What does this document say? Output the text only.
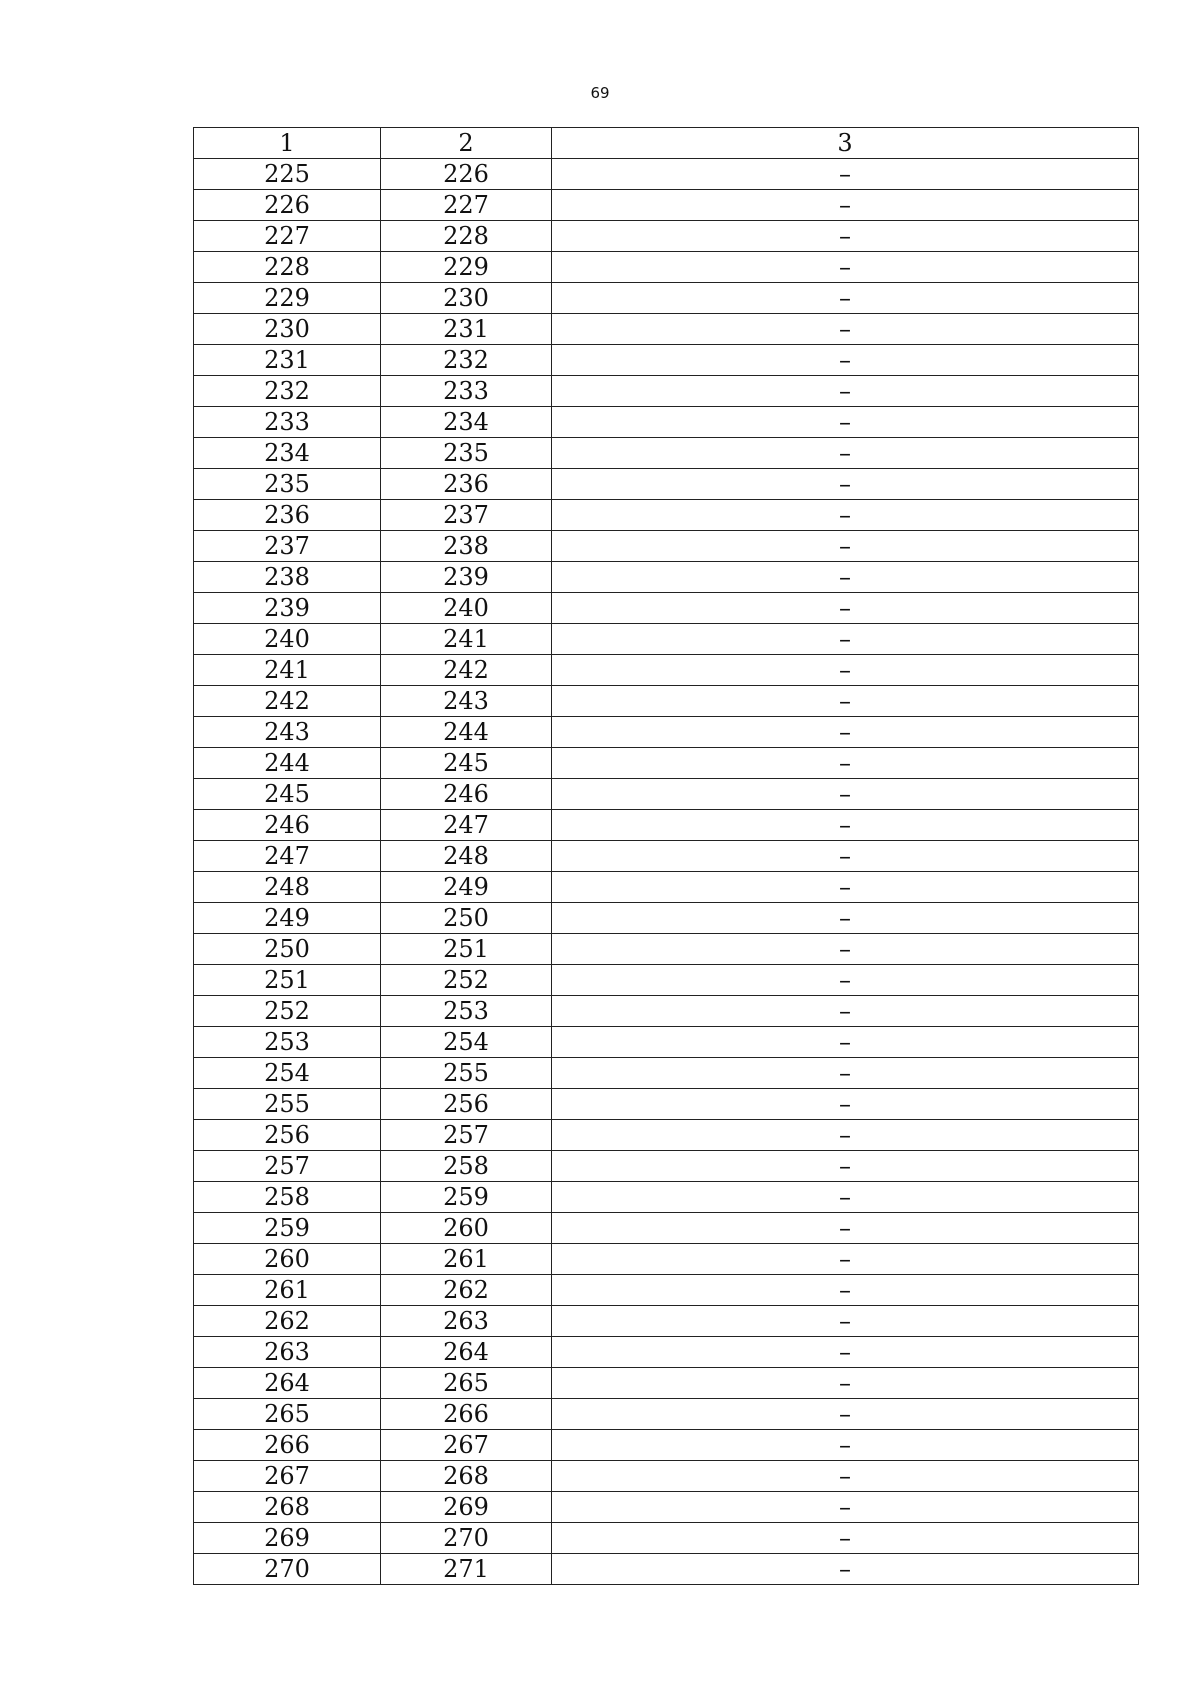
69
1	2	3
225	226	–
226	227	–
227	228	–
228	229	–
229	230	–
230	231	–
231	232	–
232	233	–
233	234	–
234	235	–
235	236	–
236	237	–
237	238	–
238	239	–
239	240	–
240	241	–
241	242	–
242	243	–
243	244	–
244	245	–
245	246	–
246	247	–
247	248	–
248	249	–
249	250	–
250	251	–
251	252	–
252	253	–
253	254	–
254	255	–
255	256	–
256	257	–
257	258	–
258	259	–
259	260	–
260	261	–
261	262	–
262	263	–
263	264	–
264	265	–
265	266	–
266	267	–
267	268	–
268	269	–
269	270	–
270	271	–
